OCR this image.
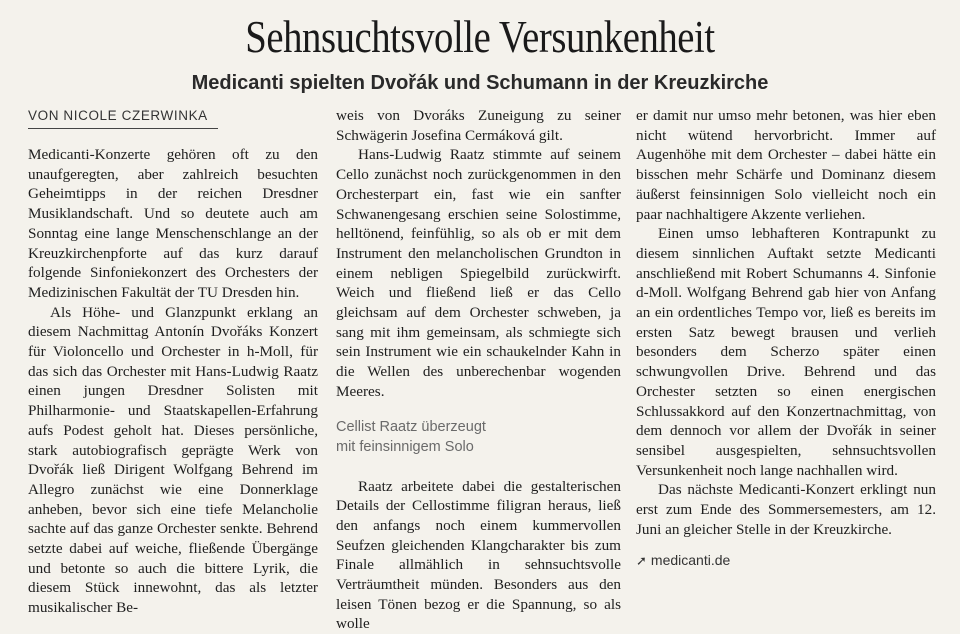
Sehnsuchtsvolle Versunkenheit
Medicanti spielten Dvořák und Schumann in der Kreuzkirche

VON NICOLE CZERWINKA

Medicanti-Konzerte gehören oft zu den unaufgeregten, aber zahlreich besuchten Geheimtipps in der reichen Dresdner Musiklandschaft. Und so deutete auch am Sonntag eine lange Menschenschlange an der Kreuzkirchenpforte auf das kurz darauf folgende Sinfoniekonzert des Orchesters der Medizinischen Fakultät der TU Dresden hin.

Als Höhe- und Glanzpunkt erklang an diesem Nachmittag Antonín Dvořáks Konzert für Violoncello und Orchester in h-Moll, für das sich das Orchester mit Hans-Ludwig Raatz einen jungen Dresdner Solisten mit Philharmonie- und Staatskapellen-Erfahrung aufs Podest geholt hat. Dieses persönliche, stark autobiografisch geprägte Werk von Dvořák ließ Dirigent Wolfgang Behrend im Allegro zunächst wie eine Donnerklage anheben, bevor sich eine tiefe Melancholie sachte auf das ganze Orchester senkte. Behrend setzte dabei auf weiche, fließende Übergänge und betonte so auch die bittere Lyrik, die diesem Stück innewohnt, das als letzter musikalischer Be-

weis von Dvoráks Zuneigung zu seiner Schwägerin Josefina Cermáková gilt.

Hans-Ludwig Raatz stimmte auf seinem Cello zunächst noch zurückgenommen in den Orchesterpart ein, fast wie ein sanfter Schwanengesang erschien seine Solostimme, helltönend, feinfühlig, so als ob er mit dem Instrument den melancholischen Grundton in einem nebligen Spiegelbild zurückwirft. Weich und fließend ließ er das Cello gleichsam auf dem Orchester schweben, ja sang mit ihm gemeinsam, als schmiegte sich sein Instrument wie ein schaukelnder Kahn in die Wellen des unberechenbar wogenden Meeres.

Cellist Raatz überzeugt
mit feinsinnigem Solo

Raatz arbeitete dabei die gestalterischen Details der Cellostimme filigran heraus, ließ den anfangs noch einem kummervollen Seufzen gleichenden Klangcharakter bis zum Finale allmählich in sehnsuchtsvolle Verträumtheit münden. Besonders aus den leisen Tönen bezog er die Spannung, so als wolle

er damit nur umso mehr betonen, was hier eben nicht wütend hervorbricht. Immer auf Augenhöhe mit dem Orchester – dabei hätte ein bisschen mehr Schärfe und Dominanz diesem äußerst feinsinnigen Solo vielleicht noch ein paar nachhaltigere Akzente verliehen.

Einen umso lebhafteren Kontrapunkt zu diesem sinnlichen Auftakt setzte Medicanti anschließend mit Robert Schumanns 4. Sinfonie d-Moll. Wolfgang Behrend gab hier von Anfang an ein ordentliches Tempo vor, ließ es bereits im ersten Satz bewegt brausen und verlieh besonders dem Scherzo später einen schwungvollen Drive. Behrend und das Orchester setzten so einen energischen Schlussakkord auf den Konzertnachmittag, von dem dennoch vor allem der Dvořák in seiner sensibel ausgespielten, sehnsuchtsvollen Versunkenheit noch lange nachhallen wird.

Das nächste Medicanti-Konzert erklingt nun erst zum Ende des Sommersemesters, am 12. Juni an gleicher Stelle in der Kreuzkirche.

➚ medicanti.de
